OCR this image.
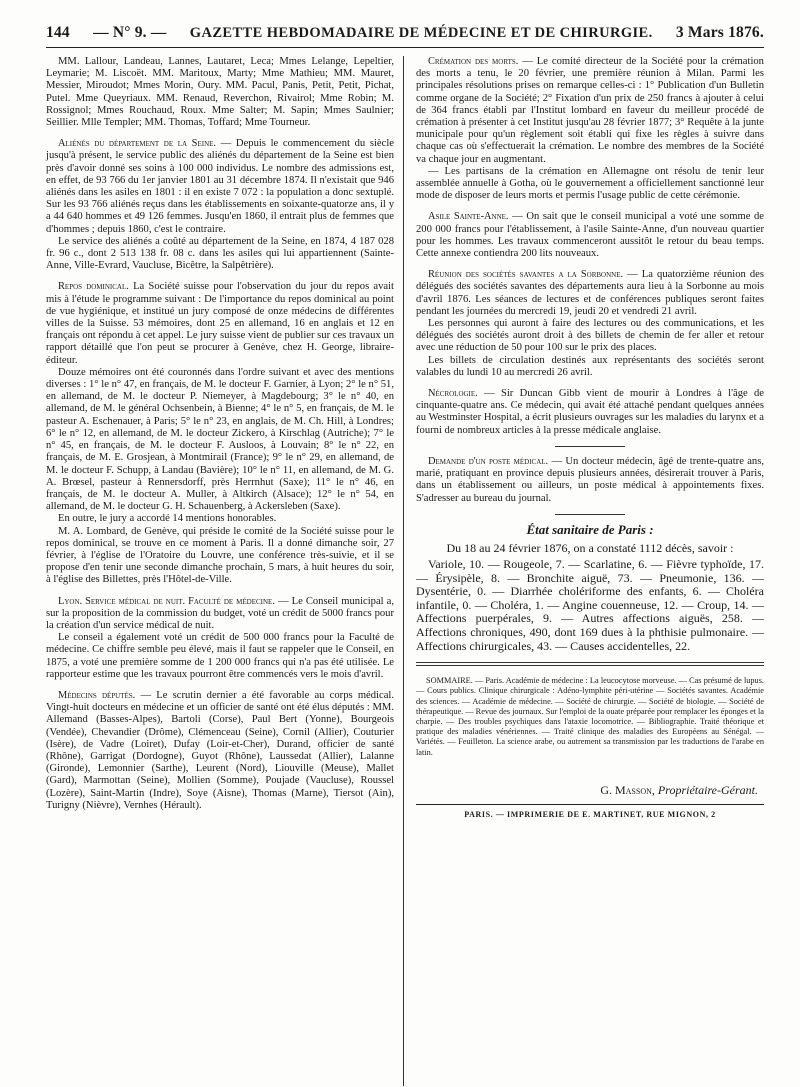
144 — N° 9. — GAZETTE HEBDOMADAIRE DE MÉDECINE ET DE CHIRURGIE. 3 Mars 1876.

MM. Lallour, Landeau, Lannes, Lautaret, Leca; Mmes Lelange, Lepeltier, Leymarie; M. Liscoët. MM. Maritoux, Marty; Mme Mathieu; MM. Mauret, Messier, Miroudot; Mmes Morin, Oury. MM. Pacul, Panis, Petit, Petit, Pichat, Putel. Mme Queyriaux. MM. Renaud, Reverchon, Rivairol; Mme Robin; M. Rossignol; Mmes Rouchaud, Roux. Mme Salter; M. Sapin; Mmes Saulnier; Seillier. Mlle Templer; MM. Thomas, Toffard; Mme Tourneur.

Aliénés du département de la Seine. — Depuis le commencement du siècle jusqu'à présent, le service public des aliénés du département de la Seine est bien près d'avoir donné ses soins à 100 000 individus. Le nombre des admissions est, en effet, de 93 766 du 1er janvier 1801 au 31 décembre 1874. Il n'existait que 946 aliénés dans les asiles en 1801 : il en existe 7 072 : la population a donc sextuplé. Sur les 93 766 aliénés reçus dans les établissements en soixante-quatorze ans, il y a 44 640 hommes et 49 126 femmes. Jusqu'en 1860, il entrait plus de femmes que d'hommes ; depuis 1860, c'est le contraire.

Le service des aliénés a coûté au département de la Seine, en 1874, 4 187 028 fr. 96 c., dont 2 513 138 fr. 08 c. dans les asiles qui lui appartiennent (Sainte-Anne, Ville-Evrard, Vaucluse, Bicêtre, la Salpêtrière).

Repos dominical. La Société suisse pour l'observation du jour du repos avait mis à l'étude le programme suivant : De l'importance du repos dominical au point de vue hygiénique, et institué un jury composé de onze médecins de différentes villes de la Suisse. 53 mémoires, dont 25 en allemand, 16 en anglais et 12 en français ont répondu à cet appel. Le jury suisse vient de publier sur ces travaux un rapport détaillé que l'on peut se procurer à Genève, chez H. George, libraire-éditeur.

Douze mémoires ont été couronnés dans l'ordre suivant et avec des mentions diverses : 1° le n° 47, en français, de M. le docteur F. Garnier, à Lyon; 2° le n° 51, en allemand, de M. le docteur P. Niemeyer, à Magdebourg; 3° le n° 40, en allemand, de M. le général Ochsenbein, à Bienne; 4° le n° 5, en français, de M. le pasteur A. Eschenauer, à Paris; 5° le n° 23, en anglais, de M. Ch. Hill, à Londres; 6° le n° 12, en allemand, de M. le docteur Zickero, à Kirschlag (Autriche); 7° le n° 45, en français, de M. le docteur F. Ausloos, à Louvain; 8° le n° 22, en français, de M. E. Grosjean, à Montmirail (France); 9° le n° 29, en allemand, de M. le docteur F. Schupp, à Landau (Bavière); 10° le n° 11, en allemand, de M. G. A. Brœsel, pasteur à Rennersdorff, près Herrnhut (Saxe); 11° le n° 46, en français, de M. le docteur A. Muller, à Altkirch (Alsace); 12° le n° 54, en allemand, de M. le docteur G. H. Schauenberg, à Ackersleben (Saxe).

En outre, le jury a accordé 14 mentions honorables.

M. A. Lombard, de Genève, qui préside le comité de la Société suisse pour le repos dominical, se trouve en ce moment à Paris. Il a donné dimanche soir, 27 février, à l'église de l'Oratoire du Louvre, une conférence très-suivie, et il se propose d'en tenir une seconde dimanche prochain, 5 mars, à huit heures du soir, à l'église des Billettes, près l'Hôtel-de-Ville.

Lyon. Service médical de nuit. Faculté de médecine. — Le Conseil municipal a, sur la proposition de la commission du budget, voté un crédit de 5000 francs pour la création d'un service médical de nuit.

Le conseil a également voté un crédit de 500 000 francs pour la Faculté de médecine. Ce chiffre semble peu élevé, mais il faut se rappeler que le Conseil, en 1875, a voté une première somme de 1 200 000 francs qui n'a pas été utilisée. Le rapporteur estime que les travaux pourront être commencés vers le mois d'avril.

Médecins députés. — Le scrutin dernier a été favorable au corps médical. Vingt-huit docteurs en médecine et un officier de santé ont été élus députés : MM. Allemand (Basses-Alpes), Bartoli (Corse), Paul Bert (Yonne), Bourgeois (Vendée), Chevandier (Drôme), Clémenceau (Seine), Cornil (Allier), Couturier (Isère), de Vadre (Loiret), Dufay (Loir-et-Cher), Durand, officier de santé (Rhône), Garrigat (Dordogne), Guyot (Rhône), Laussedat (Allier), Lalanne (Gironde), Lemonnier (Sarthe), Leurent (Nord), Liouville (Meuse), Mallet (Gard), Marmottan (Seine), Mollien (Somme), Poujade (Vaucluse), Roussel (Lozère), Saint-Martin (Indre), Soye (Aisne), Thomas (Marne), Tiersot (Ain), Turigny (Nièvre), Vernhes (Hérault).

Crémation des morts. — Le comité directeur de la Société pour la crémation des morts a tenu, le 20 février, une première réunion à Milan. Parmi les principales résolutions prises on remarque celles-ci : 1° Publication d'un Bulletin comme organe de la Société; 2° Fixation d'un prix de 250 francs à ajouter à celui de 364 francs établi par l'Institut lombard en faveur du meilleur procédé de crémation à présenter à cet Institut jusqu'au 28 février 1877; 3° Requête à la junte municipale pour qu'un règlement soit établi qui fixe les règles à suivre dans chaque cas où s'effectuerait la crémation. Le nombre des membres de la Société va chaque jour en augmentant.

— Les partisans de la crémation en Allemagne ont résolu de tenir leur assemblée annuelle à Gotha, où le gouvernement a officiellement sanctionné leur mode de disposer de leurs morts et permis l'usage public de cette cérémonie.

Asile Sainte-Anne. — On sait que le conseil municipal a voté une somme de 200 000 francs pour l'établissement, à l'asile Sainte-Anne, d'un nouveau quartier pour les hommes. Les travaux commenceront aussitôt le retour du beau temps. Cette annexe contiendra 200 lits nouveaux.

Réunion des sociétés savantes a la Sorbonne. — La quatorzième réunion des délégués des sociétés savantes des départements aura lieu à la Sorbonne au mois d'avril 1876. Les séances de lectures et de conférences publiques seront faites pendant les journées du mercredi 19, jeudi 20 et vendredi 21 avril.

Les personnes qui auront à faire des lectures ou des communications, et les délégués des sociétés auront droit à des billets de chemin de fer aller et retour avec une réduction de 50 pour 100 sur le prix des places.

Les billets de circulation destinés aux représentants des sociétés seront valables du lundi 10 au mercredi 26 avril.

Nécrologie. — Sir Duncan Gibb vient de mourir à Londres à l'âge de cinquante-quatre ans. Ce médecin, qui avait été attaché pendant quelques années au Westminster Hospital, a écrit plusieurs ouvrages sur les maladies du larynx et a fourni de nombreux articles à la presse médicale anglaise.

Demande d'un poste médical. — Un docteur médecin, âgé de trente-quatre ans, marié, pratiquant en province depuis plusieurs années, désirerait trouver à Paris, dans un établissement ou ailleurs, un poste médical à appointements fixes. S'adresser au bureau du journal.

État sanitaire de Paris :
Du 18 au 24 février 1876, on a constaté 1112 décès, savoir :

Variole, 10. — Rougeole, 7. — Scarlatine, 6. — Fièvre typhoïde, 17. — Érysipèle, 8. — Bronchite aiguë, 73. — Pneumonie, 136. — Dysentérie, 0. — Diarrhée cholériforme des enfants, 6. — Choléra infantile, 0. — Choléra, 1. — Angine couenneuse, 12. — Croup, 14. — Affections puerpérales, 9. — Autres affections aiguës, 258. — Affections chroniques, 490, dont 169 dues à la phthisie pulmonaire. — Affections chirurgicales, 43. — Causes accidentelles, 22.

SOMMAIRE. — Paris. Académie de médecine : La leucocytose morveuse. — Cas présumé de lupus. — Cours publics. Clinique chirurgicale : Adéno-lymphite péri-utérine — Sociétés savantes. Académie des sciences. — Académie de médecine. — Société de chirurgie. — Société de biologie. — Société de thérapeutique. — Revue des journaux. Sur l'emploi de la ouate préparée pour remplacer les éponges et la charpie. — Des troubles psychiques dans l'ataxie locomotrice. — Bibliographie. Traité théorique et pratique des maladies vénériennes. — Traité clinique des maladies des Européens au Sénégal. — Variétés. — Feuilleton. La science arabe, ou autrement sa transmission par les traductions de l'arabe en latin.

G. Masson, Propriétaire-Gérant.
PARIS. — IMPRIMERIE DE E. MARTINET, RUE MIGNON, 2
